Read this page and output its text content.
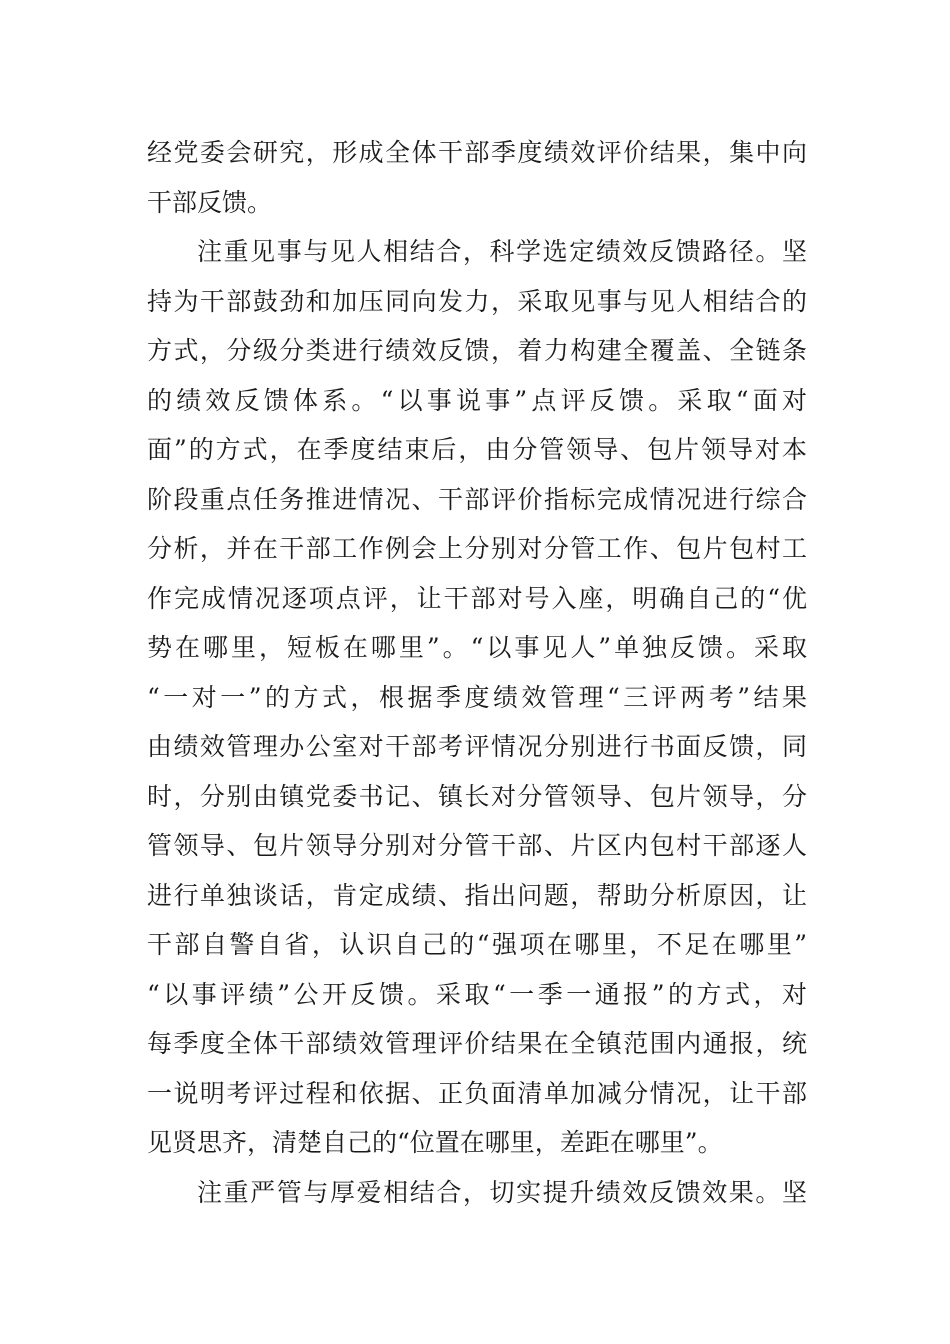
经党委会研究，形成全体干部季度绩效评价结果，集中向
干部反馈。
注重见事与见人相结合，科学选定绩效反馈路径。坚
持为干部鼓劲和加压同向发力，采取见事与见人相结合的
方式，分级分类进行绩效反馈，着力构建全覆盖、全链条
的绩效反馈体系。“以事说事”点评反馈。采取“面对
面”的方式，在季度结束后，由分管领导、包片领导对本
阶段重点任务推进情况、干部评价指标完成情况进行综合
分析，并在干部工作例会上分别对分管工作、包片包村工
作完成情况逐项点评，让干部对号入座，明确自己的“优
势在哪里，短板在哪里”。“以事见人”单独反馈。采取
“一对一”的方式，根据季度绩效管理“三评两考”结果
由绩效管理办公室对干部考评情况分别进行书面反馈，同
时，分别由镇党委书记、镇长对分管领导、包片领导，分
管领导、包片领导分别对分管干部、片区内包村干部逐人
进行单独谈话，肯定成绩、指出问题，帮助分析原因，让
干部自警自省，认识自己的“强项在哪里，不足在哪里”
“以事评绩”公开反馈。采取“一季一通报”的方式，对
每季度全体干部绩效管理评价结果在全镇范围内通报，统
一说明考评过程和依据、正负面清单加减分情况，让干部
见贤思齐，清楚自己的“位置在哪里，差距在哪里”。
注重严管与厚爱相结合，切实提升绩效反馈效果。坚
